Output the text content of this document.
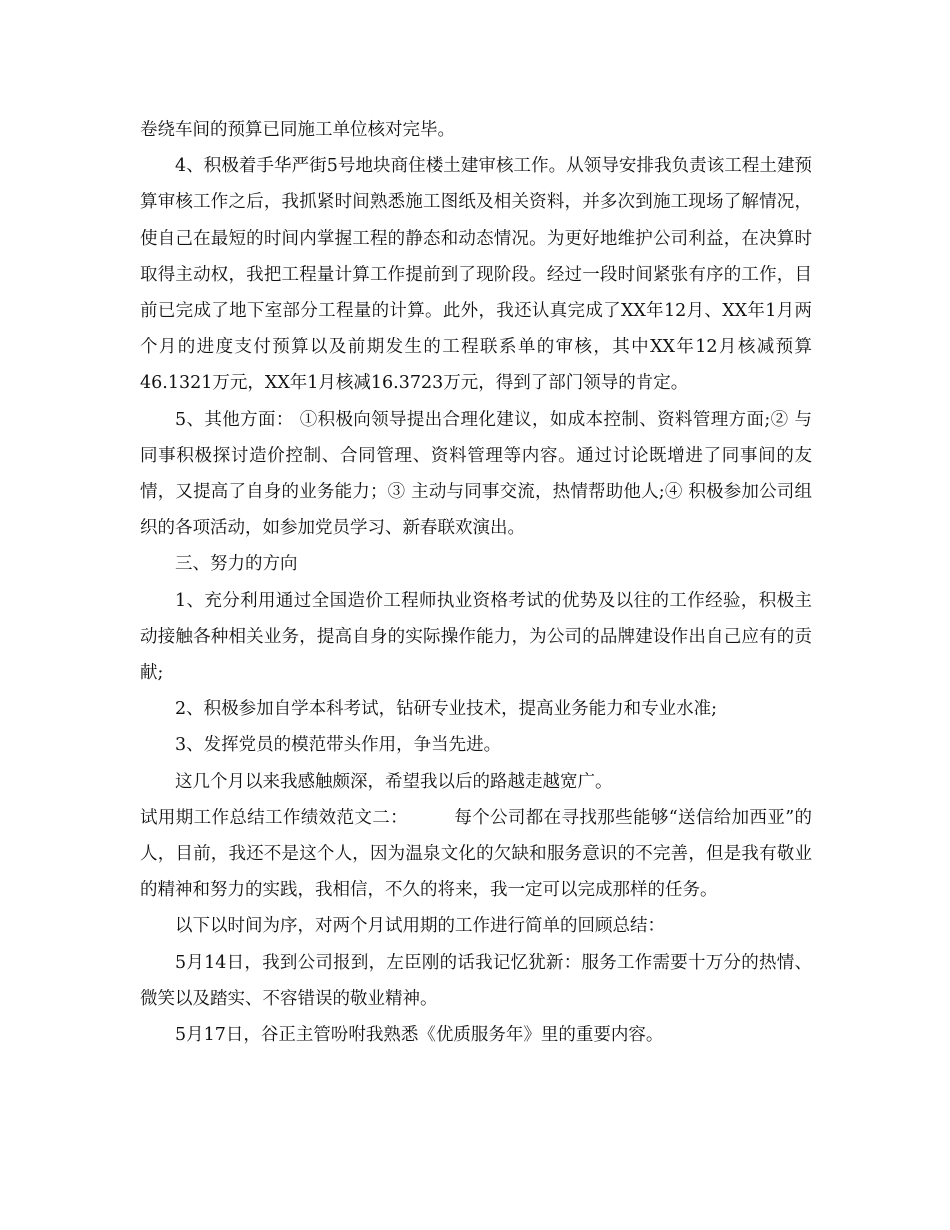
卷绕车间的预算已同施工单位核对完毕。

4、积极着手华严街5号地块商住楼土建审核工作。从领导安排我负责该工程土建预算审核工作之后，我抓紧时间熟悉施工图纸及相关资料，并多次到施工现场了解情况，使自己在最短的时间内掌握工程的静态和动态情况。为更好地维护公司利益，在决算时取得主动权，我把工程量计算工作提前到了现阶段。经过一段时间紧张有序的工作，目前已完成了地下室部分工程量的计算。此外，我还认真完成了XX年12月、XX年1月两个月的进度支付预算以及前期发生的工程联系单的审核，其中XX年12月核减预算46.1321万元，XX年1月核减16.3723万元，得到了部门领导的肯定。

5、其他方面： ①积极向领导提出合理化建议，如成本控制、资料管理方面;② 与同事积极探讨造价控制、合同管理、资料管理等内容。通过讨论既增进了同事间的友情，又提高了自身的业务能力；③ 主动与同事交流，热情帮助他人;④ 积极参加公司组织的各项活动，如参加党员学习、新春联欢演出。

三、努力的方向

1、充分利用通过全国造价工程师执业资格考试的优势及以往的工作经验，积极主动接触各种相关业务，提高自身的实际操作能力，为公司的品牌建设作出自己应有的贡献;

2、积极参加自学本科考试，钻研专业技术，提高业务能力和专业水准;

3、发挥党员的模范带头作用，争当先进。

这几个月以来我感触颇深，希望我以后的路越走越宽广。

试用期工作总结工作绩效范文二：	每个公司都在寻找那些能够“送信给加西亚”的人，目前，我还不是这个人，因为温泉文化的欠缺和服务意识的不完善，但是我有敬业的精神和努力的实践，我相信，不久的将来，我一定可以完成那样的任务。

以下以时间为序，对两个月试用期的工作进行简单的回顾总结：

5月14日，我到公司报到，左臣刚的话我记忆犹新：服务工作需要十万分的热情、微笑以及踏实、不容错误的敬业精神。

5月17日，谷正主管吩咐我熟悉《优质服务年》里的重要内容。
